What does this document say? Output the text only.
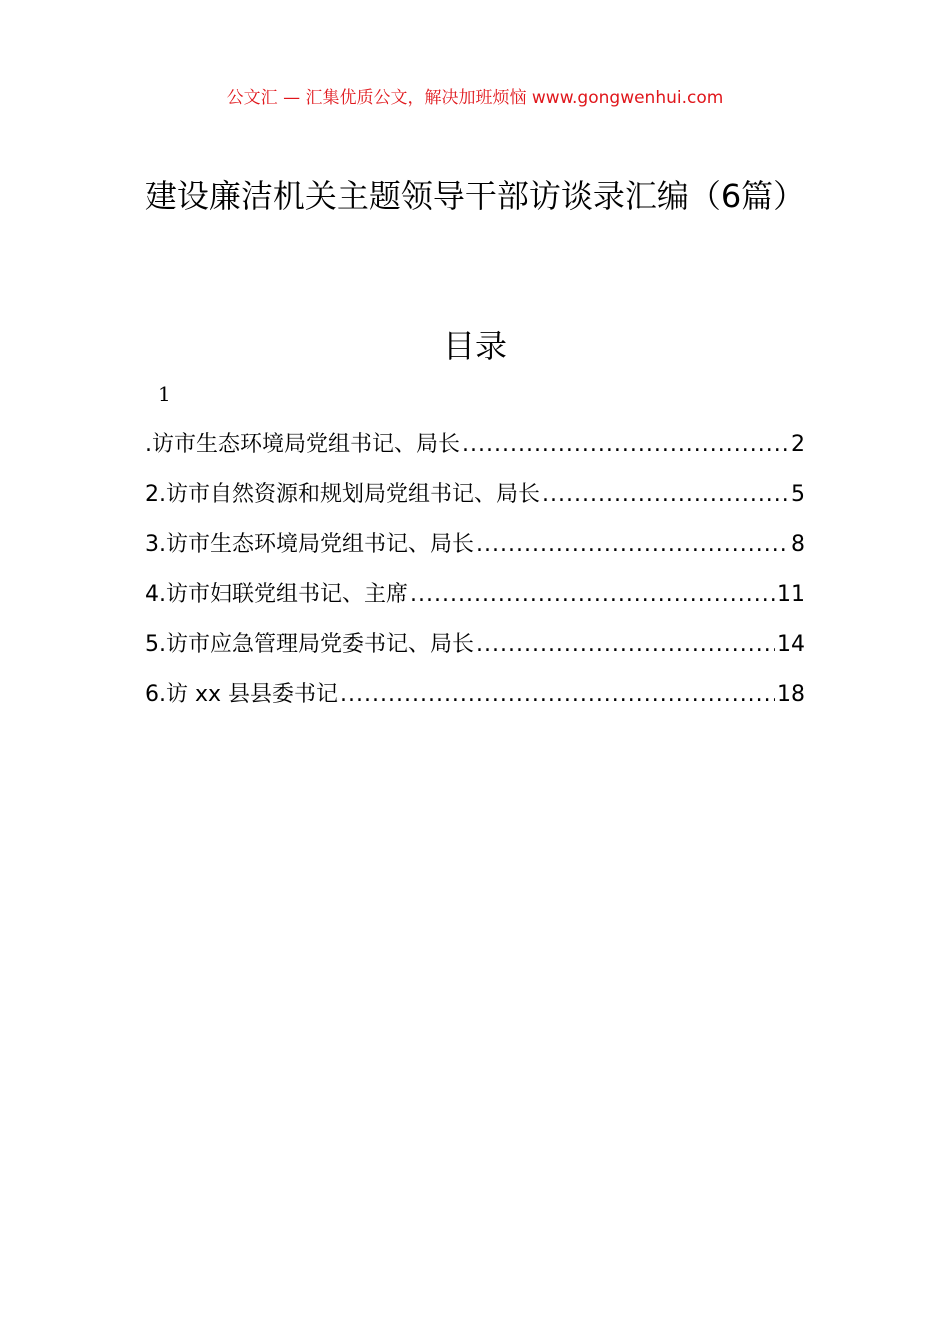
公文汇 — 汇集优质公文，解决加班烦恼 www.gongwenhui.com
建设廉洁机关主题领导干部访谈录汇编（6篇）
目录
1
.访市生态环境局党组书记、局长 .....	2
2.访市自然资源和规划局党组书记、局长 .....	5
3.访市生态环境局党组书记、局长 .....	8
4.访市妇联党组书记、主席 .....	11
5.访市应急管理局党委书记、局长 .....	14
6.访 xx 县县委书记 .....	18
